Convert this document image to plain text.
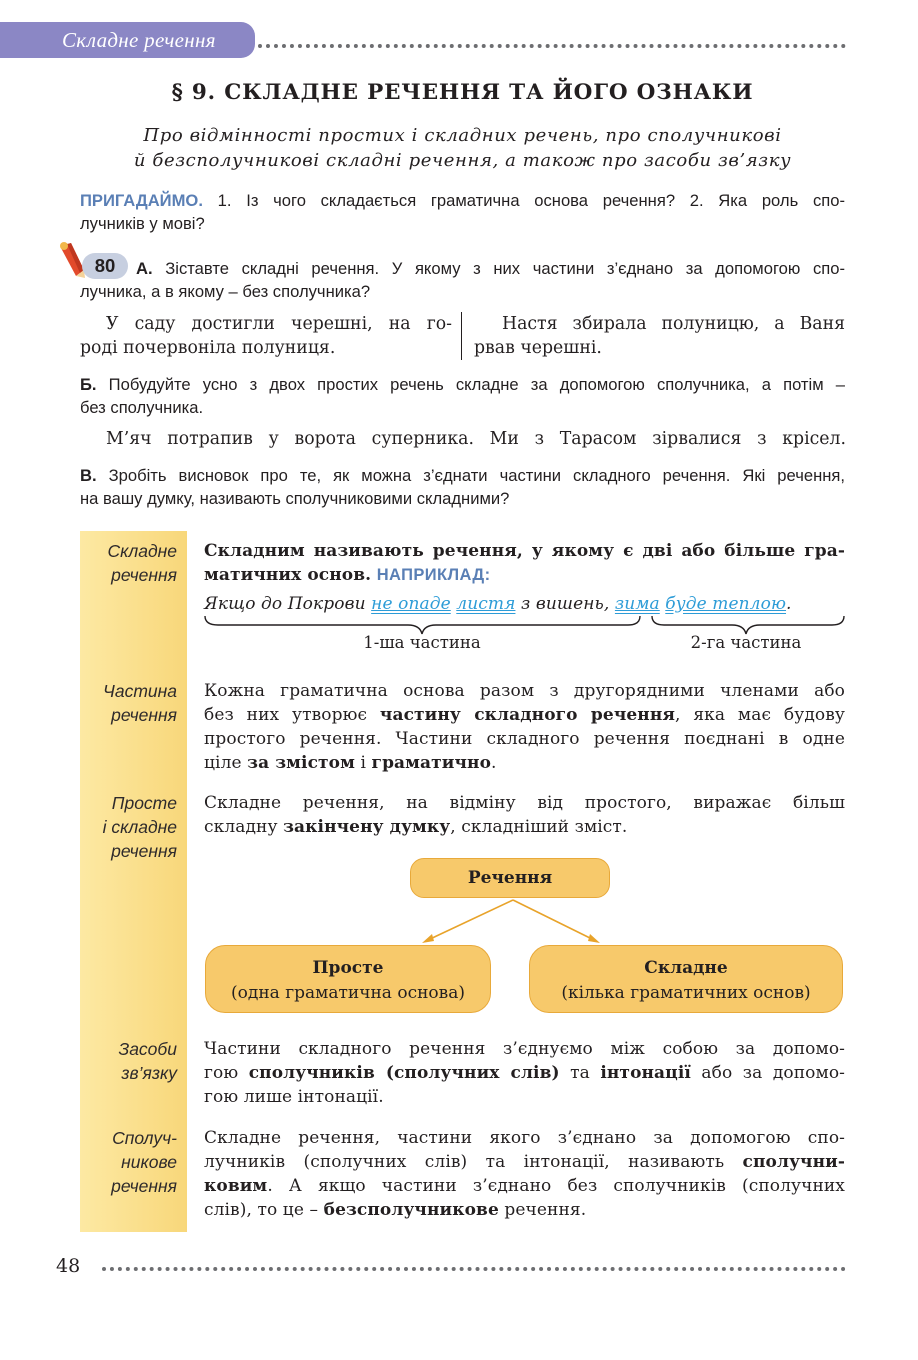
Складне речення
§ 9. СКЛАДНЕ РЕЧЕННЯ ТА ЙОГО ОЗНАКИ
Про відмінності простих і складних речень, про сполучникові
й безсполучникові складні речення, а також про засоби зв’язку
ПРИГАДАЙМО. 1. Із чого складається граматична основа речення? 2. Яка роль спо-
лучників у мові?
80	А. Зіставте складні речення. У якому з них частини з’єднано за допомогою спо-
лучника, а в якому – без сполучника?
У саду достигли черешні, на го-
роді почервоніла полуниця.
Настя збирала полуницю, а Ваня
рвав черешні.
Б. Побудуйте усно з двох простих речень складне за допомогою сполучника, а потім –
без сполучника.
М’яч потрапив у ворота суперника. Ми з Тарасом зірвалися з крісел.
В. Зробіть висновок про те, як можна з’єднати частини складного речення. Які речення,
на вашу думку, називають сполучниковими складними?
Складне
речення
Складним називають речення, у якому є дві або більше гра-
матичних основ. НАПРИКЛАД:
Якщо до Покрови не опаде листя з вишень, зима буде теплою.
1-ша частина	2-га частина
Частина
речення
Кожна граматична основа разом з другорядними членами або
без них утворює частину складного речення, яка має будову
простого речення. Частини складного речення поєднані в одне
ціле за змістом і граматично.
Просте
і складне
речення
Складне речення, на відміну від простого, виражає більш
складну закінчену думку, складніший зміст.
Речення
Просте
(одна граматична основа)
Складне
(кілька граматичних основ)
Засоби
зв’язку
Частини складного речення з’єднуємо між собою за допомо-
гою сполучників (сполучних слів) та інтонації або за допомо-
гою лише інтонації.
Сполуч-
никове
речення
Складне речення, частини якого з’єднано за допомогою спо-
лучників (сполучних слів) та інтонації, називають сполучни-
ковим. А якщо частини з’єднано без сполучників (сполучних
слів), то це – безсполучникове речення.
48
